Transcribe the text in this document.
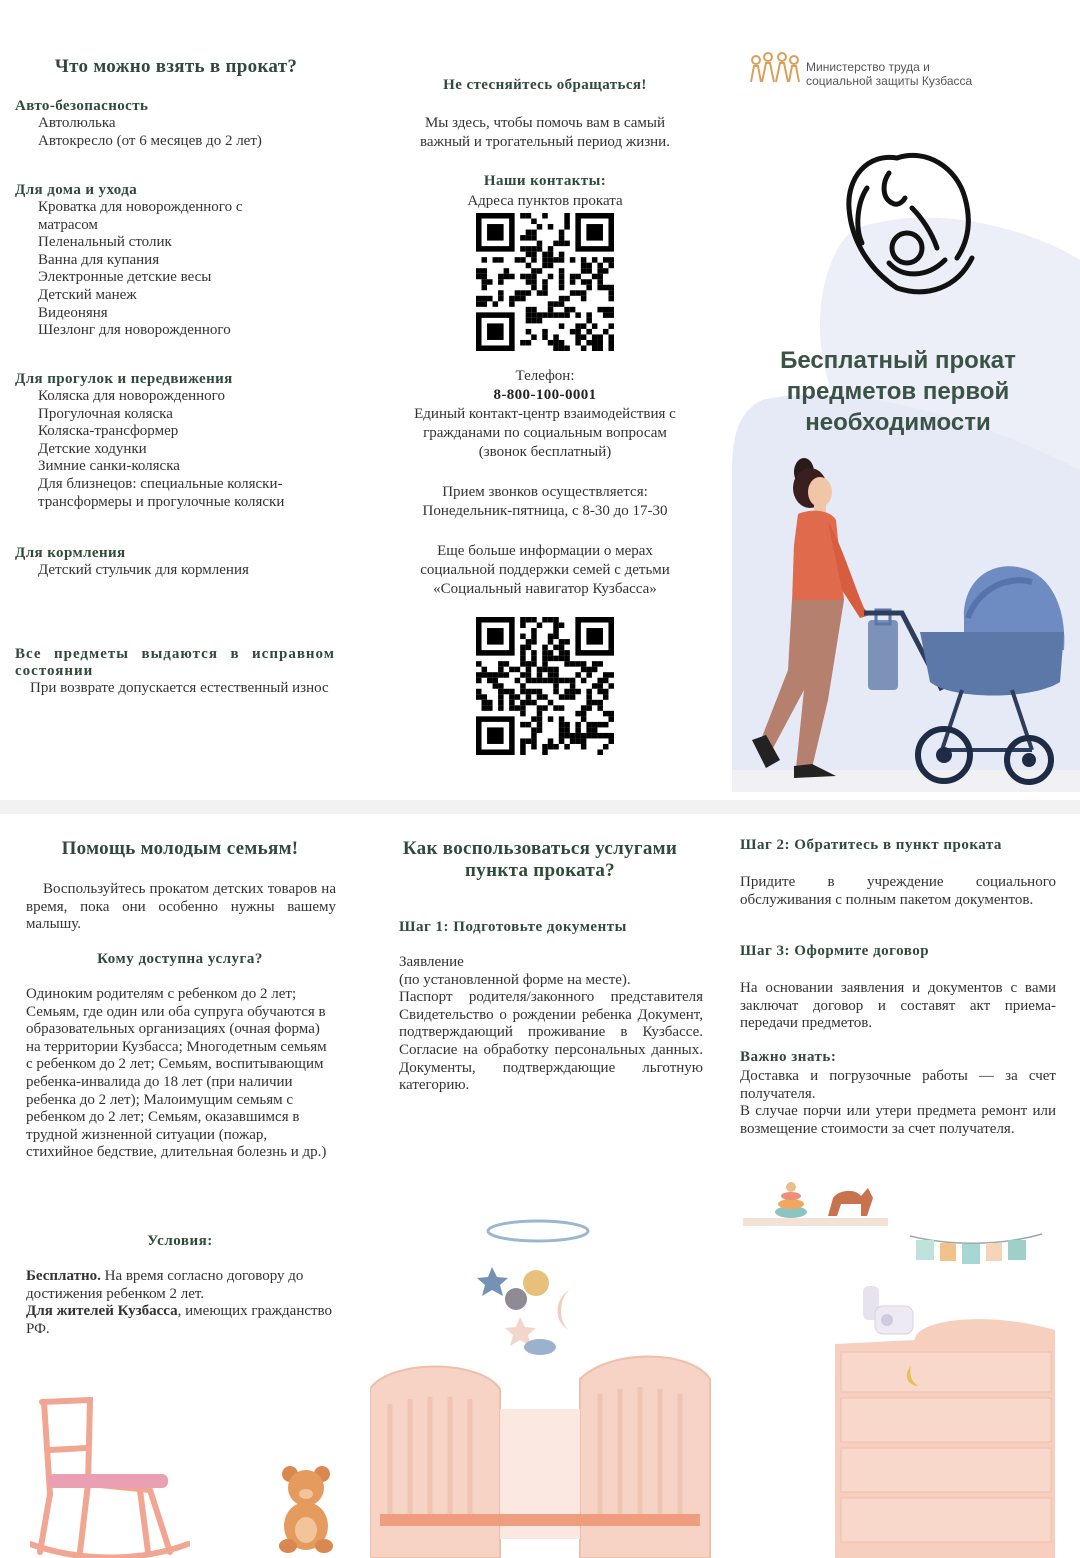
Что можно взять в прокат?
Авто-безопасность
Автолюлька
Автокресло (от 6 месяцев до 2 лет)
Для дома и ухода
Кроватка для новорожденного с
матрасом
Пеленальный столик
Ванна для купания
Электронные детские весы
Детский манеж
Видеоняня
Шезлонг для новорожденного
Для прогулок и передвижения
Коляска для новорожденного
Прогулочная коляска
Коляска-трансформер
Детские ходунки
Зимние санки-коляска
Для близнецов: специальные коляски-
трансформеры и прогулочные коляски
Для кормления
Детский стульчик для кормления
Все предметы выдаются в исправном состоянии
При возврате допускается естественный износ
Не стесняйтесь обращаться!
Мы здесь, чтобы помочь вам в самый
важный и трогательный период жизни.
Наши контакты:
Адреса пунктов проката
Телефон:
8-800-100-0001
Единый контакт-центр взаимодействия с
гражданами по социальным вопросам
(звонок бесплатный)
Прием звонков осуществляется:
Понедельник-пятница, с 8-30 до 17-30
Еще больше информации о мерах
социальной поддержки семей с детьми
«Социальный навигатор Кузбасса»
Министерство труда и
социальной защиты Кузбасса
Бесплатный прокат
предметов первой
необходимости
Помощь молодым семьям!
Воспользуйтесь прокатом детских товаров на время, пока они особенно нужны вашему малышу.
Кому доступна услуга?
Одиноким родителям с ребенком до 2 лет; Семьям, где один или оба супруга обучаются в образовательных организациях (очная форма) на территории Кузбасса; Многодетным семьям с ребенком до 2 лет; Семьям, воспитывающим ребенка-инвалида до 18 лет (при наличии ребенка до 2 лет); Малоимущим семьям с ребенком до 2 лет; Семьям, оказавшимся в трудной жизненной ситуации (пожар, стихийное бедствие, длительная болезнь и др.)
Условия:
Бесплатно. На время согласно договору до достижения ребенком 2 лет.
Для жителей Кузбасса, имеющих гражданство РФ.
Как воспользоваться услугами пункта проката?
Шаг 1: Подготовьте документы
Заявление
(по установленной форме на месте).
Паспорт родителя/законного представителя Свидетельство о рождении ребенка Документ, подтверждающий проживание в Кузбассе. Согласие на обработку персональных данных. Документы, подтверждающие льготную категорию.
Шаг 2: Обратитесь в пункт проката
Придите в учреждение социального обслуживания с полным пакетом документов.
Шаг 3: Оформите договор
На основании заявления и документов с вами заключат договор и составят акт приема-передачи предметов.
Важно знать:
Доставка и погрузочные работы — за счет получателя.
В случае порчи или утери предмета ремонт или возмещение стоимости за счет получателя.
